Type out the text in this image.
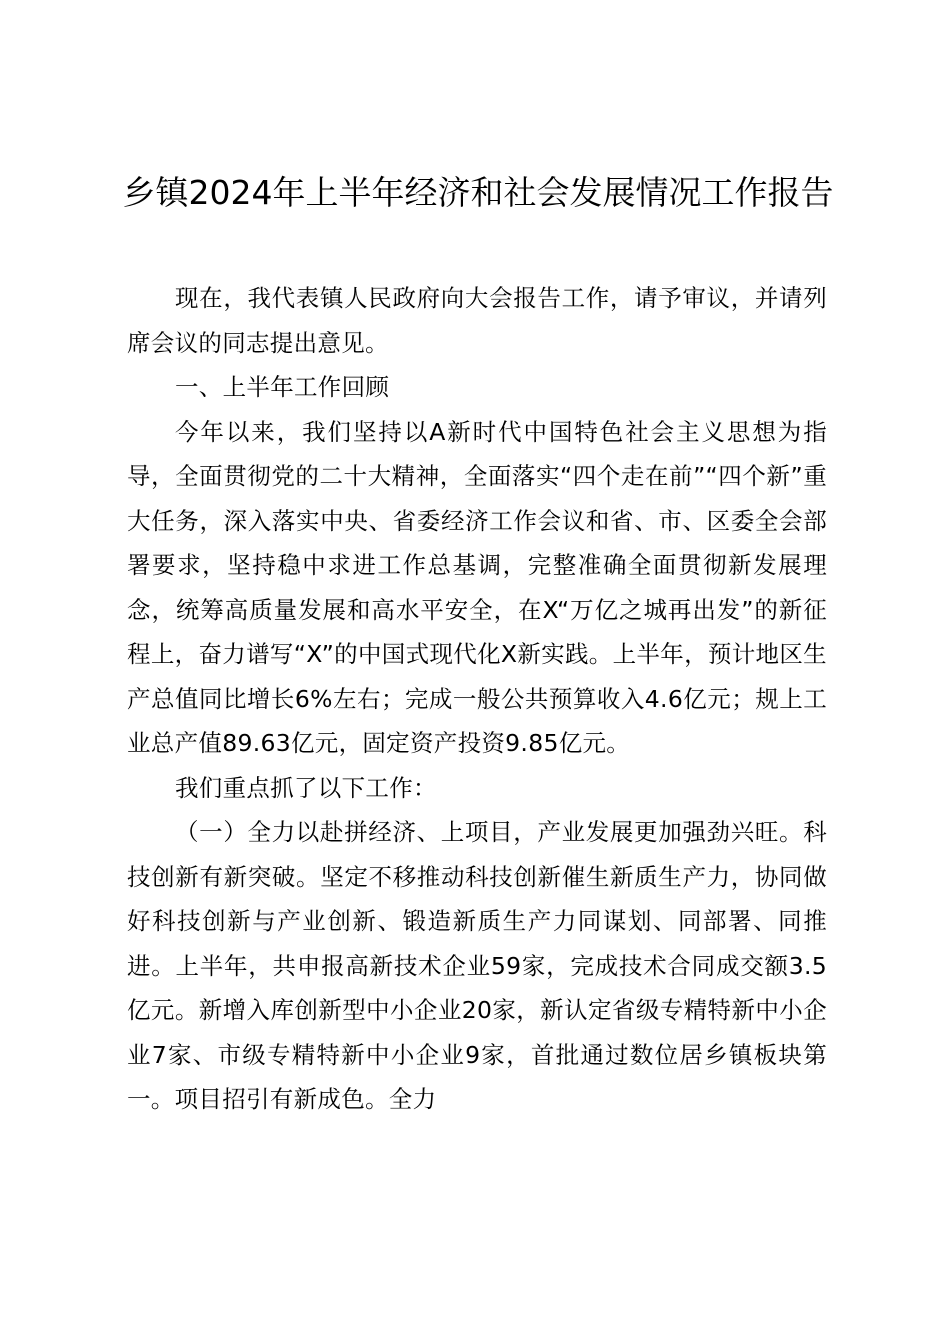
乡镇2024年上半年经济和社会发展情况工作报告

现在，我代表镇人民政府向大会报告工作，请予审议，并请列席会议的同志提出意见。

一、上半年工作回顾

今年以来，我们坚持以A新时代中国特色社会主义思想为指导，全面贯彻党的二十大精神，全面落实“四个走在前”“四个新”重大任务，深入落实中央、省委经济工作会议和省、市、区委全会部署要求，坚持稳中求进工作总基调，完整准确全面贯彻新发展理念，统筹高质量发展和高水平安全，在X“万亿之城再出发”的新征程上，奋力谱写“X”的中国式现代化X新实践。上半年，预计地区生产总值同比增长6%左右；完成一般公共预算收入4.6亿元；规上工业总产值89.63亿元，固定资产投资9.85亿元。

我们重点抓了以下工作：

（一）全力以赴拼经济、上项目，产业发展更加强劲兴旺。科技创新有新突破。坚定不移推动科技创新催生新质生产力，协同做好科技创新与产业创新、锻造新质生产力同谋划、同部署、同推进。上半年，共申报高新技术企业59家，完成技术合同成交额3.5亿元。新增入库创新型中小企业20家，新认定省级专精特新中小企业7家、市级专精特新中小企业9家，首批通过数位居乡镇板块第一。项目招引有新成色。全力
